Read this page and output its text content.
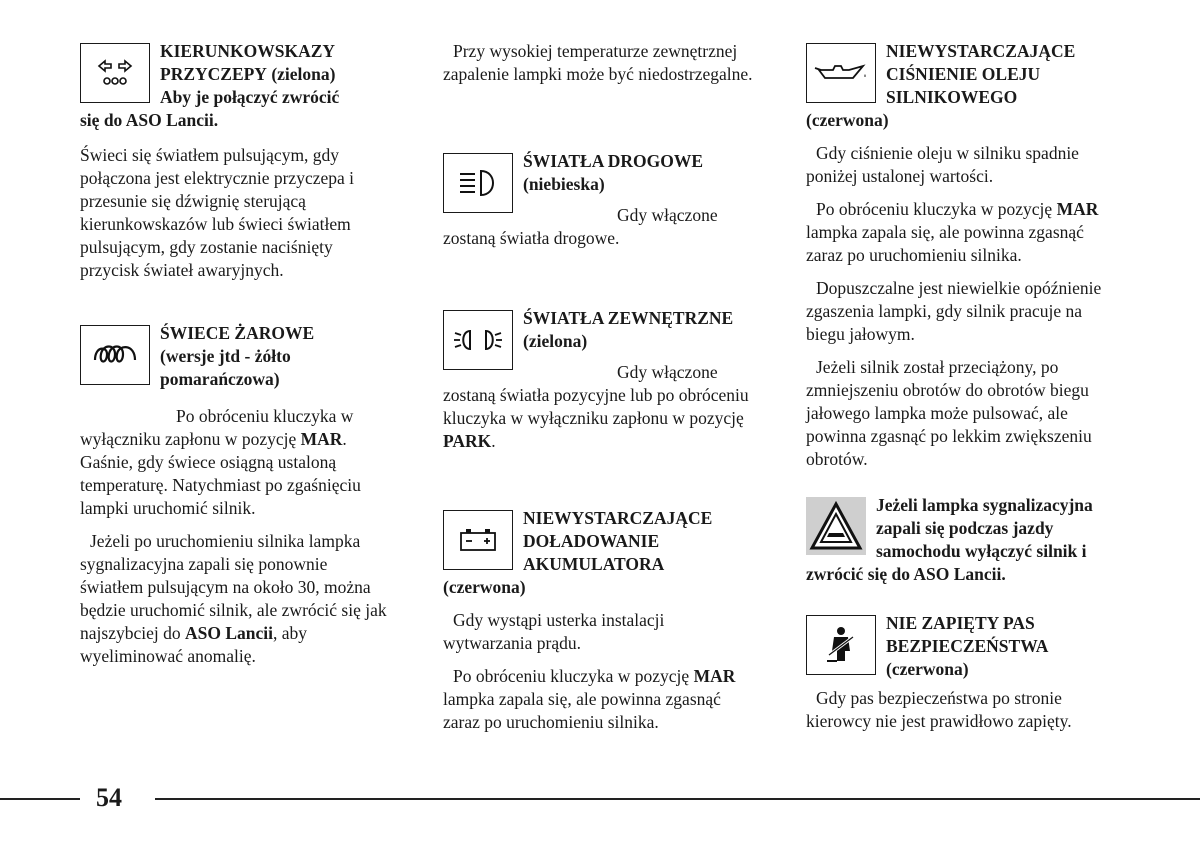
KIERUNKOWSKAZY
PRZYCZEPY (zielona)
Aby je połączyć zwrócić
się do ASO Lancii.

Świeci się światłem pulsującym, gdy połączona jest elektrycznie przyczepa i przesunie się dźwignię sterującą kierunkowskazów lub świeci światłem pulsującym, gdy zostanie naciśnięty przycisk świateł awaryjnych.

ŚWIECE ŻAROWE
(wersje jtd - żółto
pomarańczowa)

Po obróceniu kluczyka w wyłączniku zapłonu w pozycję MAR. Gaśnie, gdy świece osiągną ustaloną temperaturę. Natychmiast po zgaśnięciu lampki uruchomić silnik.

Jeżeli po uruchomieniu silnika lampka sygnalizacyjna zapali się ponownie światłem pulsującym na około 30, można będzie uruchomić silnik, ale zwrócić się jak najszybciej do ASO Lancii, aby wyeliminować anomalię.

Przy wysokiej temperaturze zewnętrznej zapalenie lampki może być niedostrzegalne.

ŚWIATŁA DROGOWE
(niebieska)

Gdy włączone zostaną światła drogowe.

ŚWIATŁA ZEWNĘTRZNE
(zielona)

Gdy włączone zostaną światła pozycyjne lub po obróceniu kluczyka w wyłączniku zapłonu w pozycję PARK.

NIEWYSTARCZAJĄCE
DOŁADOWANIE
AKUMULATORA
(czerwona)

Gdy wystąpi usterka instalacji wytwarzania prądu.

Po obróceniu kluczyka w pozycję MAR lampka zapala się, ale powinna zgasnąć zaraz po uruchomieniu silnika.

NIEWYSTARCZAJĄCE
CIŚNIENIE OLEJU
SILNIKOWEGO
(czerwona)

Gdy ciśnienie oleju w silniku spadnie poniżej ustalonej wartości.

Po obróceniu kluczyka w pozycję MAR lampka zapala się, ale powinna zgasnąć zaraz po uruchomieniu silnika.

Dopuszczalne jest niewielkie opóźnienie zgaszenia lampki, gdy silnik pracuje na biegu jałowym.

Jeżeli silnik został przeciążony, po zmniejszeniu obrotów do obrotów biegu jałowego lampka może pulsować, ale powinna zgasnąć po lekkim zwiększeniu obrotów.

Jeżeli lampka sygnalizacyjna zapali się podczas jazdy samochodu wyłączyć silnik i zwrócić się do ASO Lancii.
NIE ZAPIĘTY PAS
BEZPIECZEŃSTWA
(czerwona)

Gdy pas bezpieczeństwa po stronie kierowcy nie jest prawidłowo zapięty.

54
